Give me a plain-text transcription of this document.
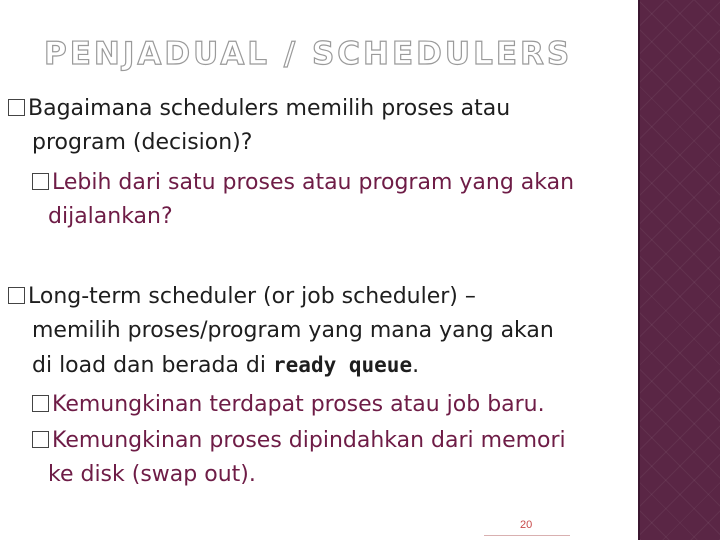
PENJADUAL / SCHEDULERS
Bagaimana schedulers memilih proses atau
program (decision)?
Lebih dari satu proses atau program yang akan
dijalankan?
Long-term scheduler (or job scheduler) –
memilih proses/program yang mana yang akan
di load dan berada di ready queue.
Kemungkinan terdapat proses atau job baru.
Kemungkinan proses dipindahkan dari memori
ke disk (swap out).
20
